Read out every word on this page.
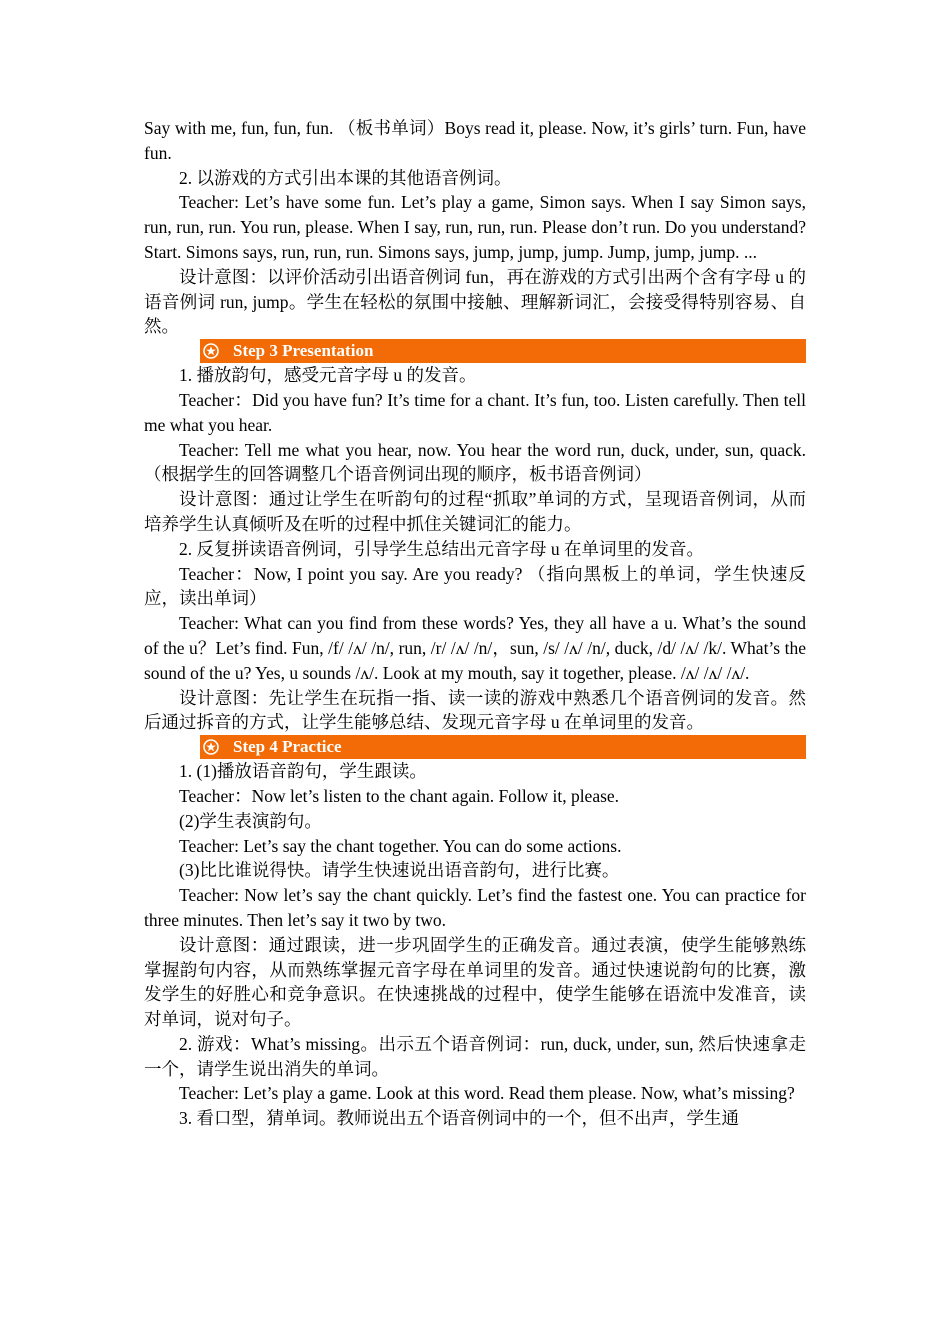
Say with me, fun, fun, fun. （板书单词）Boys read it, please. Now, it’s girls’ turn. Fun, have fun.

2. 以游戏的方式引出本课的其他语音例词。

Teacher: Let’s have some fun. Let’s play a game, Simon says. When I say Simon says, run, run, run. You run, please. When I say, run, run, run. Please don’t run. Do you understand? Start. Simons says, run, run, run. Simons says, jump, jump, jump. Jump, jump, jump. ...

设计意图：以评价活动引出语音例词 fun，再在游戏的方式引出两个含有字母 u 的语音例词 run, jump。学生在轻松的氛围中接触、理解新词汇，会接受得特别容易、自然。

Step 3 Presentation

1. 播放韵句，感受元音字母 u 的发音。

Teacher：Did you have fun? It’s time for a chant. It’s fun, too. Listen carefully. Then tell me what you hear.

Teacher: Tell me what you hear, now. You hear the word run, duck, under, sun, quack. （根据学生的回答调整几个语音例词出现的顺序，板书语音例词）

设计意图：通过让学生在听韵句的过程“抓取”单词的方式，呈现语音例词，从而培养学生认真倾听及在听的过程中抓住关键词汇的能力。

2. 反复拼读语音例词，引导学生总结出元音字母 u 在单词里的发音。

Teacher：Now, I point you say. Are you ready? （指向黑板上的单词，学生快速反应，读出单词）

Teacher: What can you find from these words? Yes, they all have a u. What’s the sound of the u？Let’s find. Fun, /f/ /ʌ/ /n/, run, /r/ /ʌ/ /n/，sun, /s/ /ʌ/ /n/, duck, /d/ /ʌ/ /k/. What’s the sound of the u? Yes, u sounds /ʌ/. Look at my mouth, say it together, please. /ʌ/ /ʌ/ /ʌ/.

设计意图：先让学生在玩指一指、读一读的游戏中熟悉几个语音例词的发音。然后通过拆音的方式，让学生能够总结、发现元音字母 u 在单词里的发音。

Step 4 Practice

1. (1)播放语音韵句，学生跟读。

Teacher：Now let’s listen to the chant again. Follow it, please.

(2)学生表演韵句。

Teacher: Let’s say the chant together. You can do some actions.

(3)比比谁说得快。请学生快速说出语音韵句，进行比赛。

Teacher: Now let’s say the chant quickly. Let’s find the fastest one. You can practice for three minutes. Then let’s say it two by two.

设计意图：通过跟读，进一步巩固学生的正确发音。通过表演，使学生能够熟练掌握韵句内容，从而熟练掌握元音字母在单词里的发音。通过快速说韵句的比赛，激发学生的好胜心和竞争意识。在快速挑战的过程中，使学生能够在语流中发准音，读对单词，说对句子。

2. 游戏：What’s missing。出示五个语音例词：run, duck, under, sun, 然后快速拿走一个，请学生说出消失的单词。

Teacher: Let’s play a game. Look at this word. Read them please. Now, what’s missing?

3. 看口型，猜单词。教师说出五个语音例词中的一个，但不出声，学生通
